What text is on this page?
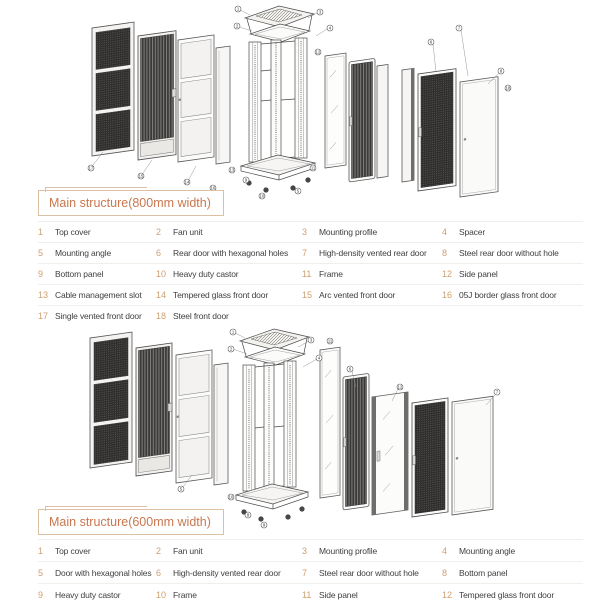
1
2
3
4
12
6
7
8
9
10
5
13
17
15
14
16
11
18
Main structure(800mm width)
1	Top cover	2	Fan unit	3	Mounting profile	4	Spacer
5	Mounting angle	6	Rear door with hexagonal holes 7	High-density vented rear door 8	Steel rear door without hole
9	Bottom panel	10 Heavy duty castor	11 Frame	12 Side panel
13 Cable management slot 14 Tempered glass front door	15 Arc vented front door	16 05J border glass front door
17 Single vented front door 18 Steel front door
1
2
3
4
11
12
6
7
5
10
8
9
Main structure(600mm width)
1	Top cover	2	Fan unit	3	Mounting profile	4	Mounting angle
5	Door with hexagonal holes 6	High-density vented rear door 7	Steel rear door without hole	8	Bottom panel
9	Heavy duty castor	10 Frame	11 Side panel	12 Tempered glass front door
